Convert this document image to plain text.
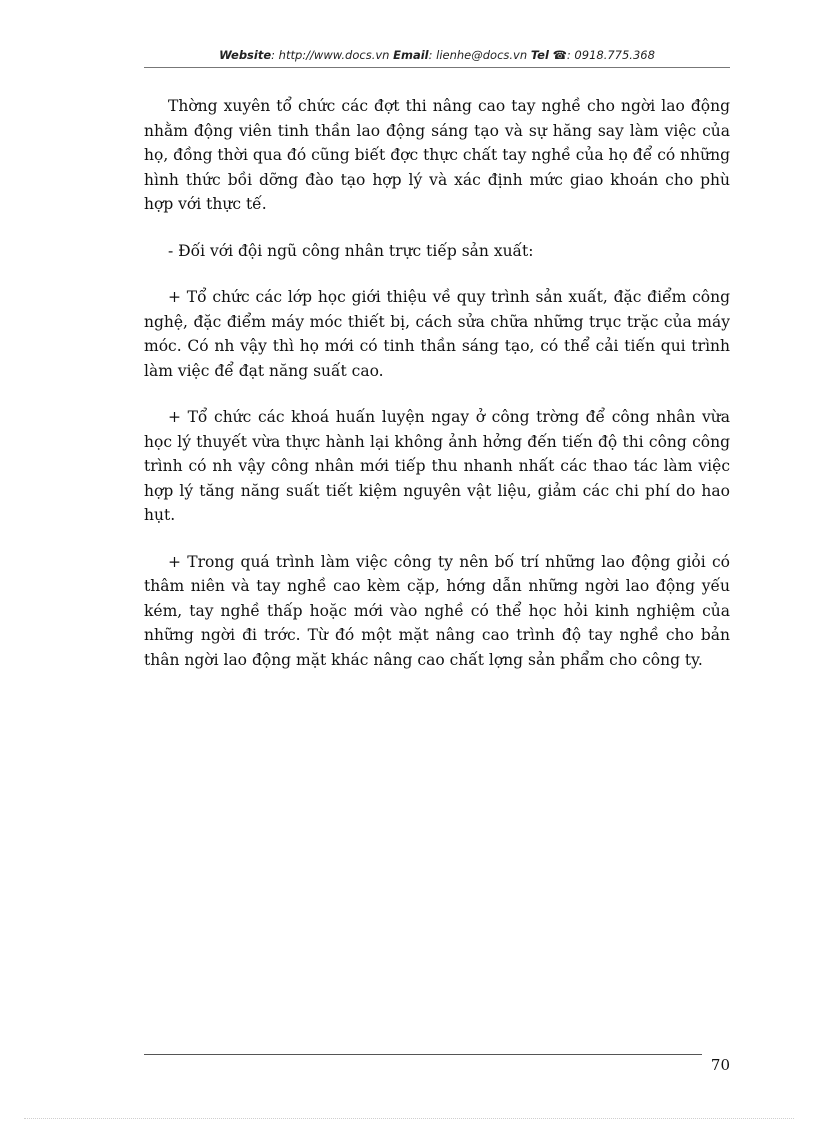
Website: http://www.docs.vn Email: lienhe@docs.vn Tel ☎: 0918.775.368

Thờng xuyên tổ chức các đợt thi nâng cao tay nghề cho ngời lao động nhằm động viên tinh thần lao động sáng tạo và sự hăng say làm việc của họ, đồng thời qua đó cũng biết đợc thực chất tay nghề của họ để có những hình thức bồi dỡng đào tạo hợp lý và xác định mức giao khoán cho phù hợp với thực tế.

- Đối với đội ngũ công nhân trực tiếp sản xuất:

+ Tổ chức các lớp học giới thiệu về quy trình sản xuất, đặc điểm công nghệ, đặc điểm máy móc thiết bị, cách sửa chữa những trục trặc của máy móc. Có nh vậy thì họ mới có tinh thần sáng tạo, có thể cải tiến qui trình làm việc để đạt năng suất cao.

+ Tổ chức các khoá huấn luyện ngay ở công trờng để công nhân vừa học lý thuyết vừa thực hành lại không ảnh hởng đến tiến độ thi công công trình có nh vậy công nhân mới tiếp thu nhanh nhất các thao tác làm việc hợp lý tăng năng suất tiết kiệm nguyên vật liệu, giảm các chi phí do hao hụt.

+ Trong quá trình làm việc công ty nên bố trí những lao động giỏi có thâm niên và tay nghề cao kèm cặp, hớng dẫn những ngời lao động yếu kém, tay nghề thấp hoặc mới vào nghề có thể học hỏi kinh nghiệm của những ngời đi trớc. Từ đó một mặt nâng cao trình độ tay nghề cho bản thân ngời lao động mặt khác nâng cao chất lợng sản phẩm cho công ty.

70
